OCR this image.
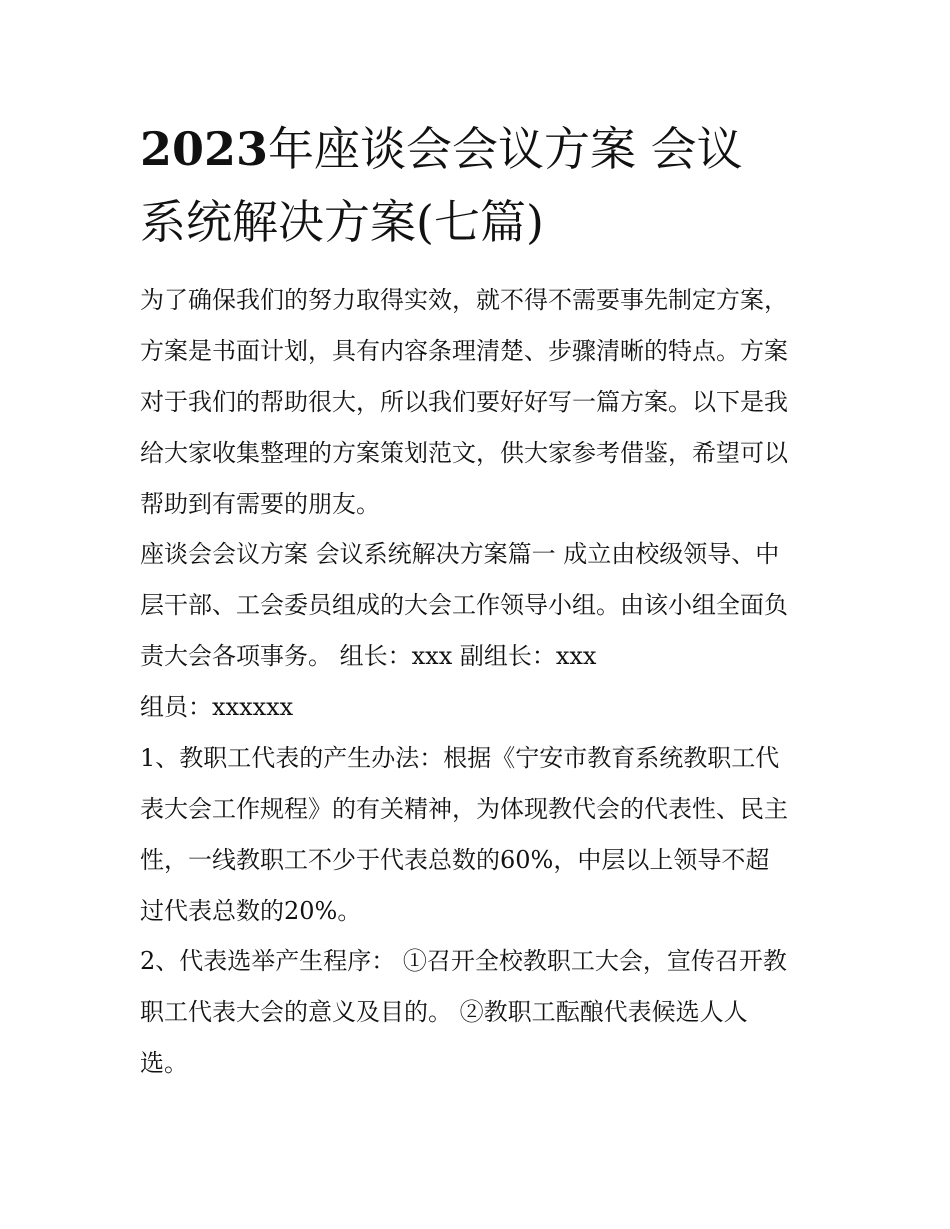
2023年座谈会会议方案 会议
系统解决方案(七篇)

为了确保我们的努力取得实效，就不得不需要事先制定方案，

方案是书面计划，具有内容条理清楚、步骤清晰的特点。方案

对于我们的帮助很大，所以我们要好好写一篇方案。以下是我

给大家收集整理的方案策划范文，供大家参考借鉴，希望可以

帮助到有需要的朋友。

座谈会会议方案 会议系统解决方案篇一 成立由校级领导、中

层干部、工会委员组成的大会工作领导小组。由该小组全面负

责大会各项事务。 组长：xxx 副组长：xxx

组员：xxxxxx

1、教职工代表的产生办法：根据《宁安市教育系统教职工代

表大会工作规程》的有关精神，为体现教代会的代表性、民主

性，一线教职工不少于代表总数的60%，中层以上领导不超

过代表总数的20%。

2、代表选举产生程序： ①召开全校教职工大会，宣传召开教

职工代表大会的意义及目的。 ②教职工酝酿代表候选人人

选。
